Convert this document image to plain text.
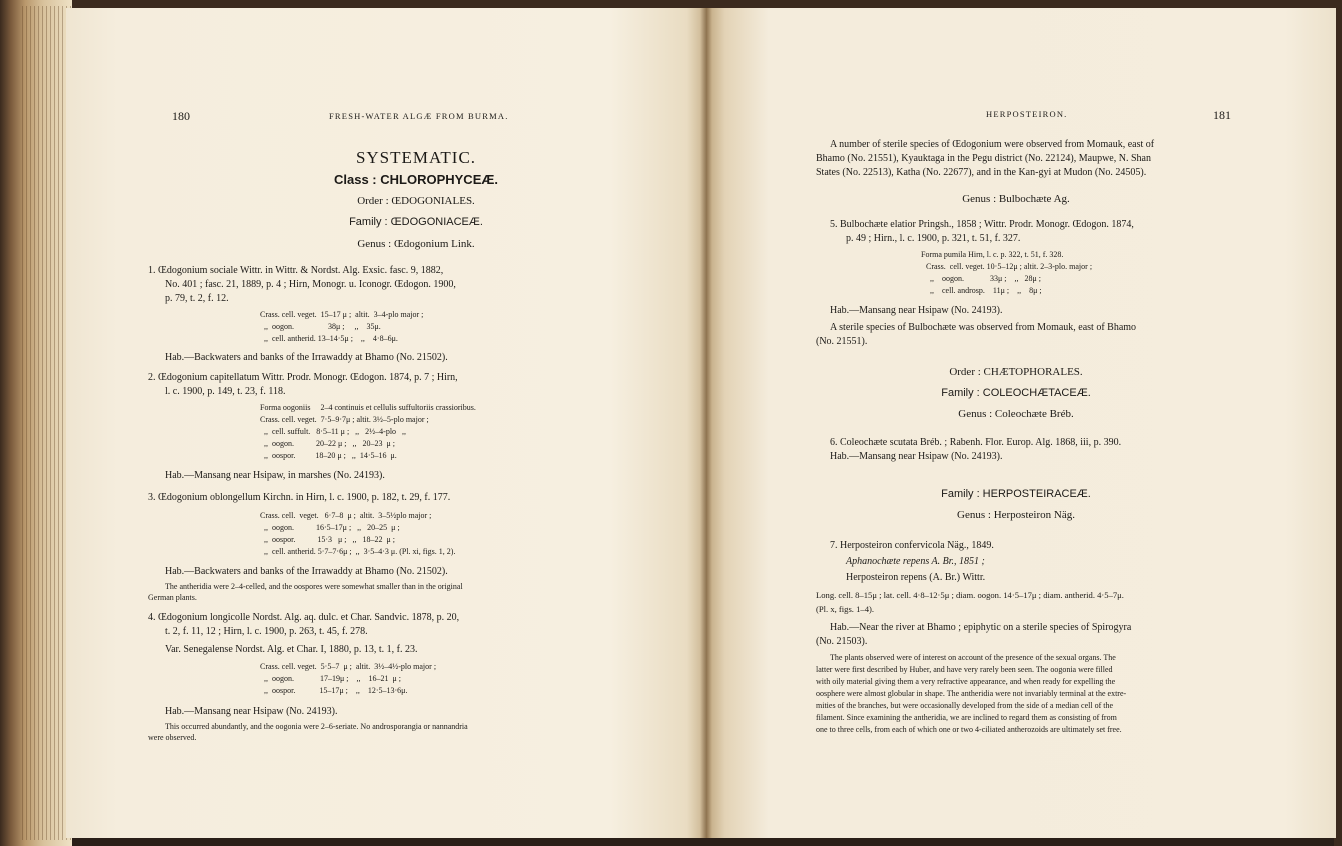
180	FRESH-WATER ALGÆ FROM BURMA.
SYSTEMATIC.
Class : CHLOROPHYCEÆ.
Order : ŒDOGONIALES.
Family : ŒDOGONIACEÆ.
Genus : Œdogonium Link.
1. Œdogonium sociale Wittr. in Wittr. & Nordst. Alg. Exsic. fasc. 9, 1882,
No. 401 ; fasc. 21, 1889, p. 4 ; Hirn, Monogr. u. Iconogr. Œdogon. 1900,
p. 79, t. 2, f. 12.
Crass. cell. veget.  15–17 μ ;  altit.  3–4-plo major ;
,,  oogon.                 38μ ;     ,,    35μ.
,,  cell. antherid. 13–14·5μ ;    ,,    4·8–6μ.
Hab.—Backwaters and banks of the Irrawaddy at Bhamo (No. 21502).
2. Œdogonium capitellatum Wittr. Prodr. Monogr. Œdogon. 1874, p. 7 ; Hirn,
l. c. 1900, p. 149, t. 23, f. 118.
Forma oogoniis     2–4 continuis et cellulis suffultoriis crassioribus.
Crass. cell. veget.  7·5–9·7μ ; altit. 3½–5-plo major ;
,,  cell. suffult.   8·5–11 μ ;   ,,   2½–4-plo   ,,
,,  oogon.           20–22 μ ;   ,,   20–23  μ ;
,,  oospor.          18–20 μ ;   ,,  14·5–16  μ.
Hab.—Mansang near Hsipaw, in marshes (No. 24193).
3. Œdogonium oblongellum Kirchn. in Hirn, l. c. 1900, p. 182, t. 29, f. 177.
Crass. cell.  veget.   6·7–8  μ ;  altit.  3–5½plo major ;
,,  oogon.           16·5–17μ ;   ,,   20–25  μ ;
,,  oospor.           15·3   μ ;   ,,   18–22  μ ;
,,  cell. antherid. 5·7–7·6μ ;  ,,  3·5–4·3 μ. (Pl. xi, figs. 1, 2).
Hab.—Backwaters and banks of the Irrawaddy at Bhamo (No. 21502).
The antheridia were 2–4-celled, and the oospores were somewhat smaller than in the original
German plants.
4. Œdogonium longicolle Nordst. Alg. aq. dulc. et Char. Sandvic. 1878, p. 20,
t. 2, f. 11, 12 ; Hirn, l. c. 1900, p. 263, t. 45, f. 278.
Var. Senegalense Nordst. Alg. et Char. I, 1880, p. 13, t. 1, f. 23.
Crass. cell. veget.  5·5–7  μ ;  altit.  3½–4½-plo major ;
,,  oogon.             17–19μ ;    ,,    16–21  μ ;
,,  oospor.            15–17μ ;    ,,    12·5–13·6μ.
Hab.—Mansang near Hsipaw (No. 24193).
This occurred abundantly, and the oogonia were 2–6-seriate. No androsporangia or nannandria
were observed.
HERPOSTEIRON.	181
A number of sterile species of Œdogonium were observed from Momauk, east of
Bhamo (No. 21551), Kyauktaga in the Pegu district (No. 22124), Maupwe, N. Shan
States (No. 22513), Katha (No. 22677), and in the Kan-gyi at Mudon (No. 24505).
Genus : Bulbochæte Ag.
5. Bulbochæte elatior Pringsh., 1858 ; Wittr. Prodr. Monogr. Œdogon. 1874,
p. 49 ; Hirn., l. c. 1900, p. 321, t. 51, f. 327.
Forma pumila Hirn, l. c. p. 322, t. 51, f. 328.
Crass.  cell. veget. 10·5–12μ ; altit. 2–3-plo. major ;
,,    oogon.             33μ ;    ,,   28μ ;
,,    cell. androsp.    11μ ;    ,,    8μ ;
Hab.—Mansang near Hsipaw (No. 24193).
A sterile species of Bulbochæte was observed from Momauk, east of Bhamo
(No. 21551).
Order : CHÆTOPHORALES.
Family : COLEOCHÆTACEÆ.
Genus : Coleochæte Bréb.
6. Coleochæte scutata Bréb. ; Rabenh. Flor. Europ. Alg. 1868, iii, p. 390.
Hab.—Mansang near Hsipaw (No. 24193).
Family : HERPOSTEIRACEÆ.
Genus : Herposteiron Näg.
7. Herposteiron confervicola Näg., 1849.
Aphanochæte repens A. Br., 1851 ;
Herposteiron repens (A. Br.) Wittr.
Long. cell. 8–15μ ; lat. cell. 4·8–12·5μ ; diam. oogon. 14·5–17μ ; diam. antherid. 4·5–7μ.
(Pl. x, figs. 1–4).
Hab.—Near the river at Bhamo ; epiphytic on a sterile species of Spirogyra
(No. 21503).
The plants observed were of interest on account of the presence of the sexual organs. The
latter were first described by Huber, and have very rarely been seen. The oogonia were filled
with oily material giving them a very refractive appearance, and when ready for expelling the
oosphere were almost globular in shape. The antheridia were not invariably terminal at the extre-
mities of the branches, but were occasionally developed from the side of a median cell of the
filament. Since examining the antheridia, we are inclined to regard them as consisting of from
one to three cells, from each of which one or two 4-ciliated antherozoids are ultimately set free.
